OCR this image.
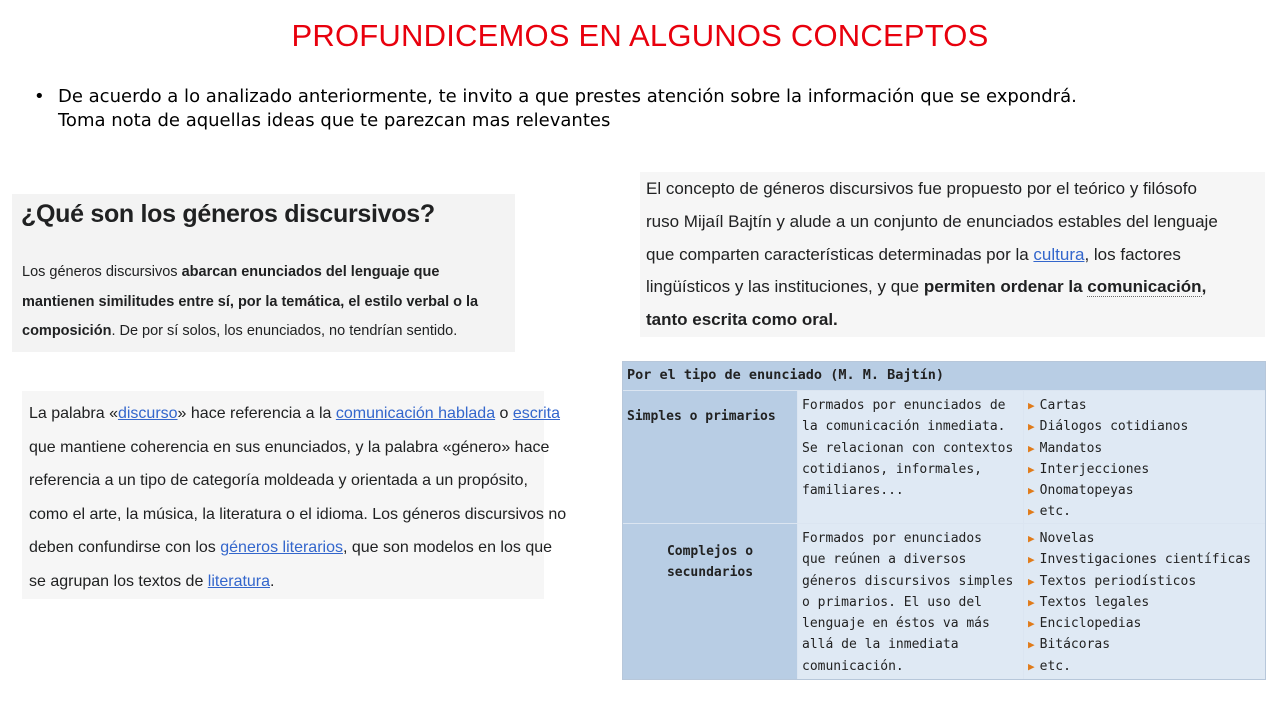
PROFUNDICEMOS EN ALGUNOS CONCEPTOS
• De acuerdo a lo analizado anteriormente, te invito a que prestes atención sobre la información que se expondrá.
Toma nota de aquellas ideas que te parezcan mas relevantes
¿Qué son los géneros discursivos?
Los géneros discursivos abarcan enunciados del lenguaje que
mantienen similitudes entre sí, por la temática, el estilo verbal o la
composición. De por sí solos, los enunciados, no tendrían sentido.
La palabra «discurso» hace referencia a la comunicación hablada o escrita
que mantiene coherencia en sus enunciados, y la palabra «género» hace
referencia a un tipo de categoría moldeada y orientada a un propósito,
como el arte, la música, la literatura o el idioma. Los géneros discursivos no
deben confundirse con los géneros literarios, que son modelos en los que
se agrupan los textos de literatura.
El concepto de géneros discursivos fue propuesto por el teórico y filósofo
ruso Mijaíl Bajtín y alude a un conjunto de enunciados estables del lenguaje
que comparten características determinadas por la cultura, los factores
lingüísticos y las instituciones, y que permiten ordenar la comunicación,
tanto escrita como oral.
Por el tipo de enunciado (M. M. Bajtín)
Simples o primarios
Formados por enunciados de
la comunicación inmediata.
Se relacionan con contextos
cotidianos, informales,
familiares...
▶ Cartas
▶ Diálogos cotidianos
▶ Mandatos
▶ Interjecciones
▶ Onomatopeyas
▶ etc.
Complejos o
secundarios
Formados por enunciados
que reúnen a diversos
géneros discursivos simples
o primarios. El uso del
lenguaje en éstos va más
allá de la inmediata
comunicación.
▶ Novelas
▶ Investigaciones científicas
▶ Textos periodísticos
▶ Textos legales
▶ Enciclopedias
▶ Bitácoras
▶ etc.
